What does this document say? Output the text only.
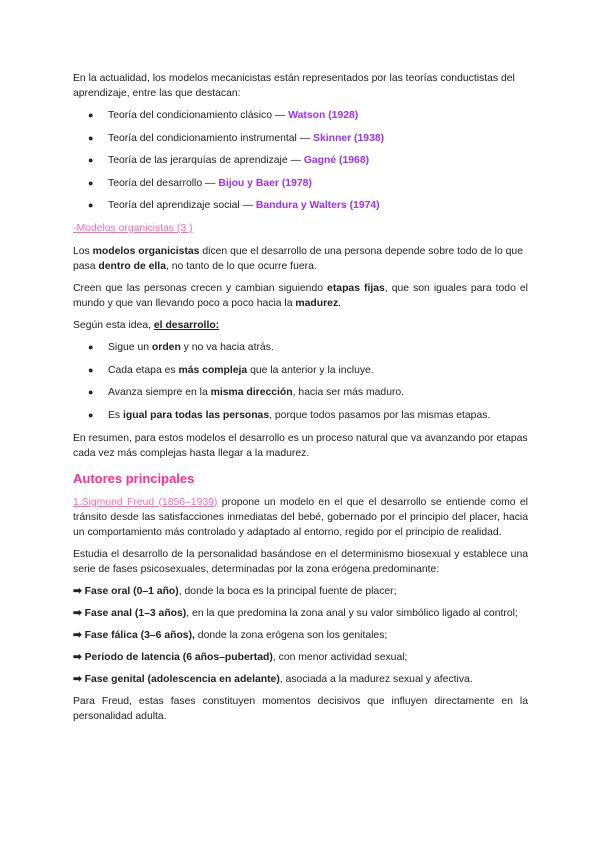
En la actualidad, los modelos mecanicistas están representados por las teorías conductistas del aprendizaje, entre las que destacan:

● Teoría del condicionamiento clásico — Watson (1928)
● Teoría del condicionamiento instrumental — Skinner (1938)
● Teoría de las jerarquías de aprendizaje — Gagné (1968)
● Teoría del desarrollo — Bijou y Baer (1978)
● Teoría del aprendizaje social — Bandura y Walters (1974)
-Modelos organicistas (3 )

Los modelos organicistas dicen que el desarrollo de una persona depende sobre todo de lo que pasa dentro de ella, no tanto de lo que ocurre fuera.

Creen que las personas crecen y cambian siguiendo etapas fijas, que son iguales para todo el mundo y que van llevando poco a poco hacia la madurez.

Según esta idea, el desarrollo:

● Sigue un orden y no va hacia atrás.
● Cada etapa es más compleja que la anterior y la incluye.
● Avanza siempre en la misma dirección, hacia ser más maduro.
● Es igual para todas las personas, porque todos pasamos por las mismas etapas.

En resumen, para estos modelos el desarrollo es un proceso natural que va avanzando por etapas cada vez más complejas hasta llegar a la madurez.

Autores principales

1.Sigmund Freud (1856–1939) propone un modelo en el que el desarrollo se entiende como el tránsito desde las satisfacciones inmediatas del bebé, gobernado por el principio del placer, hacia un comportamiento más controlado y adaptado al entorno, regido por el principio de realidad.

Estudia el desarrollo de la personalidad basándose en el determinismo biosexual y establece una serie de fases psicosexuales, determinadas por la zona erógena predominante:

➡ Fase oral (0–1 año), donde la boca es la principal fuente de placer;

➡ Fase anal (1–3 años), en la que predomina la zona anal y su valor simbólico ligado al control;

➡ Fase fálica (3–6 años), donde la zona erógena son los genitales;

➡ Periodo de latencia (6 años–pubertad), con menor actividad sexual;

➡ Fase genital (adolescencia en adelante), asociada a la madurez sexual y afectiva.

Para Freud, estas fases constituyen momentos decisivos que influyen directamente en la personalidad adulta.
